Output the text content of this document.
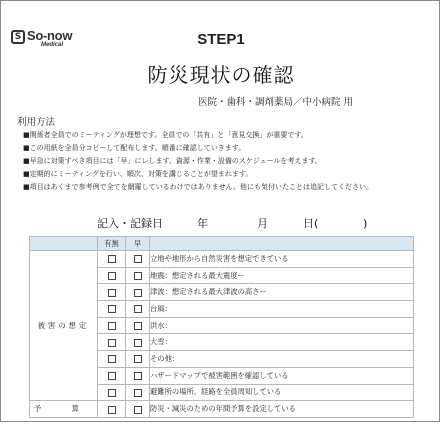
S So-now
Medical	STEP1
防災現状の確認
医院・歯科・調剤薬局／中小病院 用
利用方法
■関係者全員でのミーティングが理想です。全員での「共有」と「意見交換」が重要です。
■この用紙を全員分コピーして配布します。順番に確認していきます。
■早急に対策すべき項目には「早」にレします。資源・作業・設備のスケジュールを考えます。
■定期的にミーティングを行い、順次、対策を講じることが望まれます。
■項目はあくまで参考例で全てを網羅しているわけではありません。他にも気付いたことは追記してください。
記入・記録日	年	月	日(	)
	有無	早	
被害の想定			立地や地形から自然災害を想定できている
			地震：想定される最大震度ー
			津波：想定される最大津波の高さー
			台風：
			洪水：
			大雪：
			その他：
			ハザードマップで被害範囲を確認している
			避難所の場所、経路を全員周知している
予 算			防災・減災のための年間予算を設定している
